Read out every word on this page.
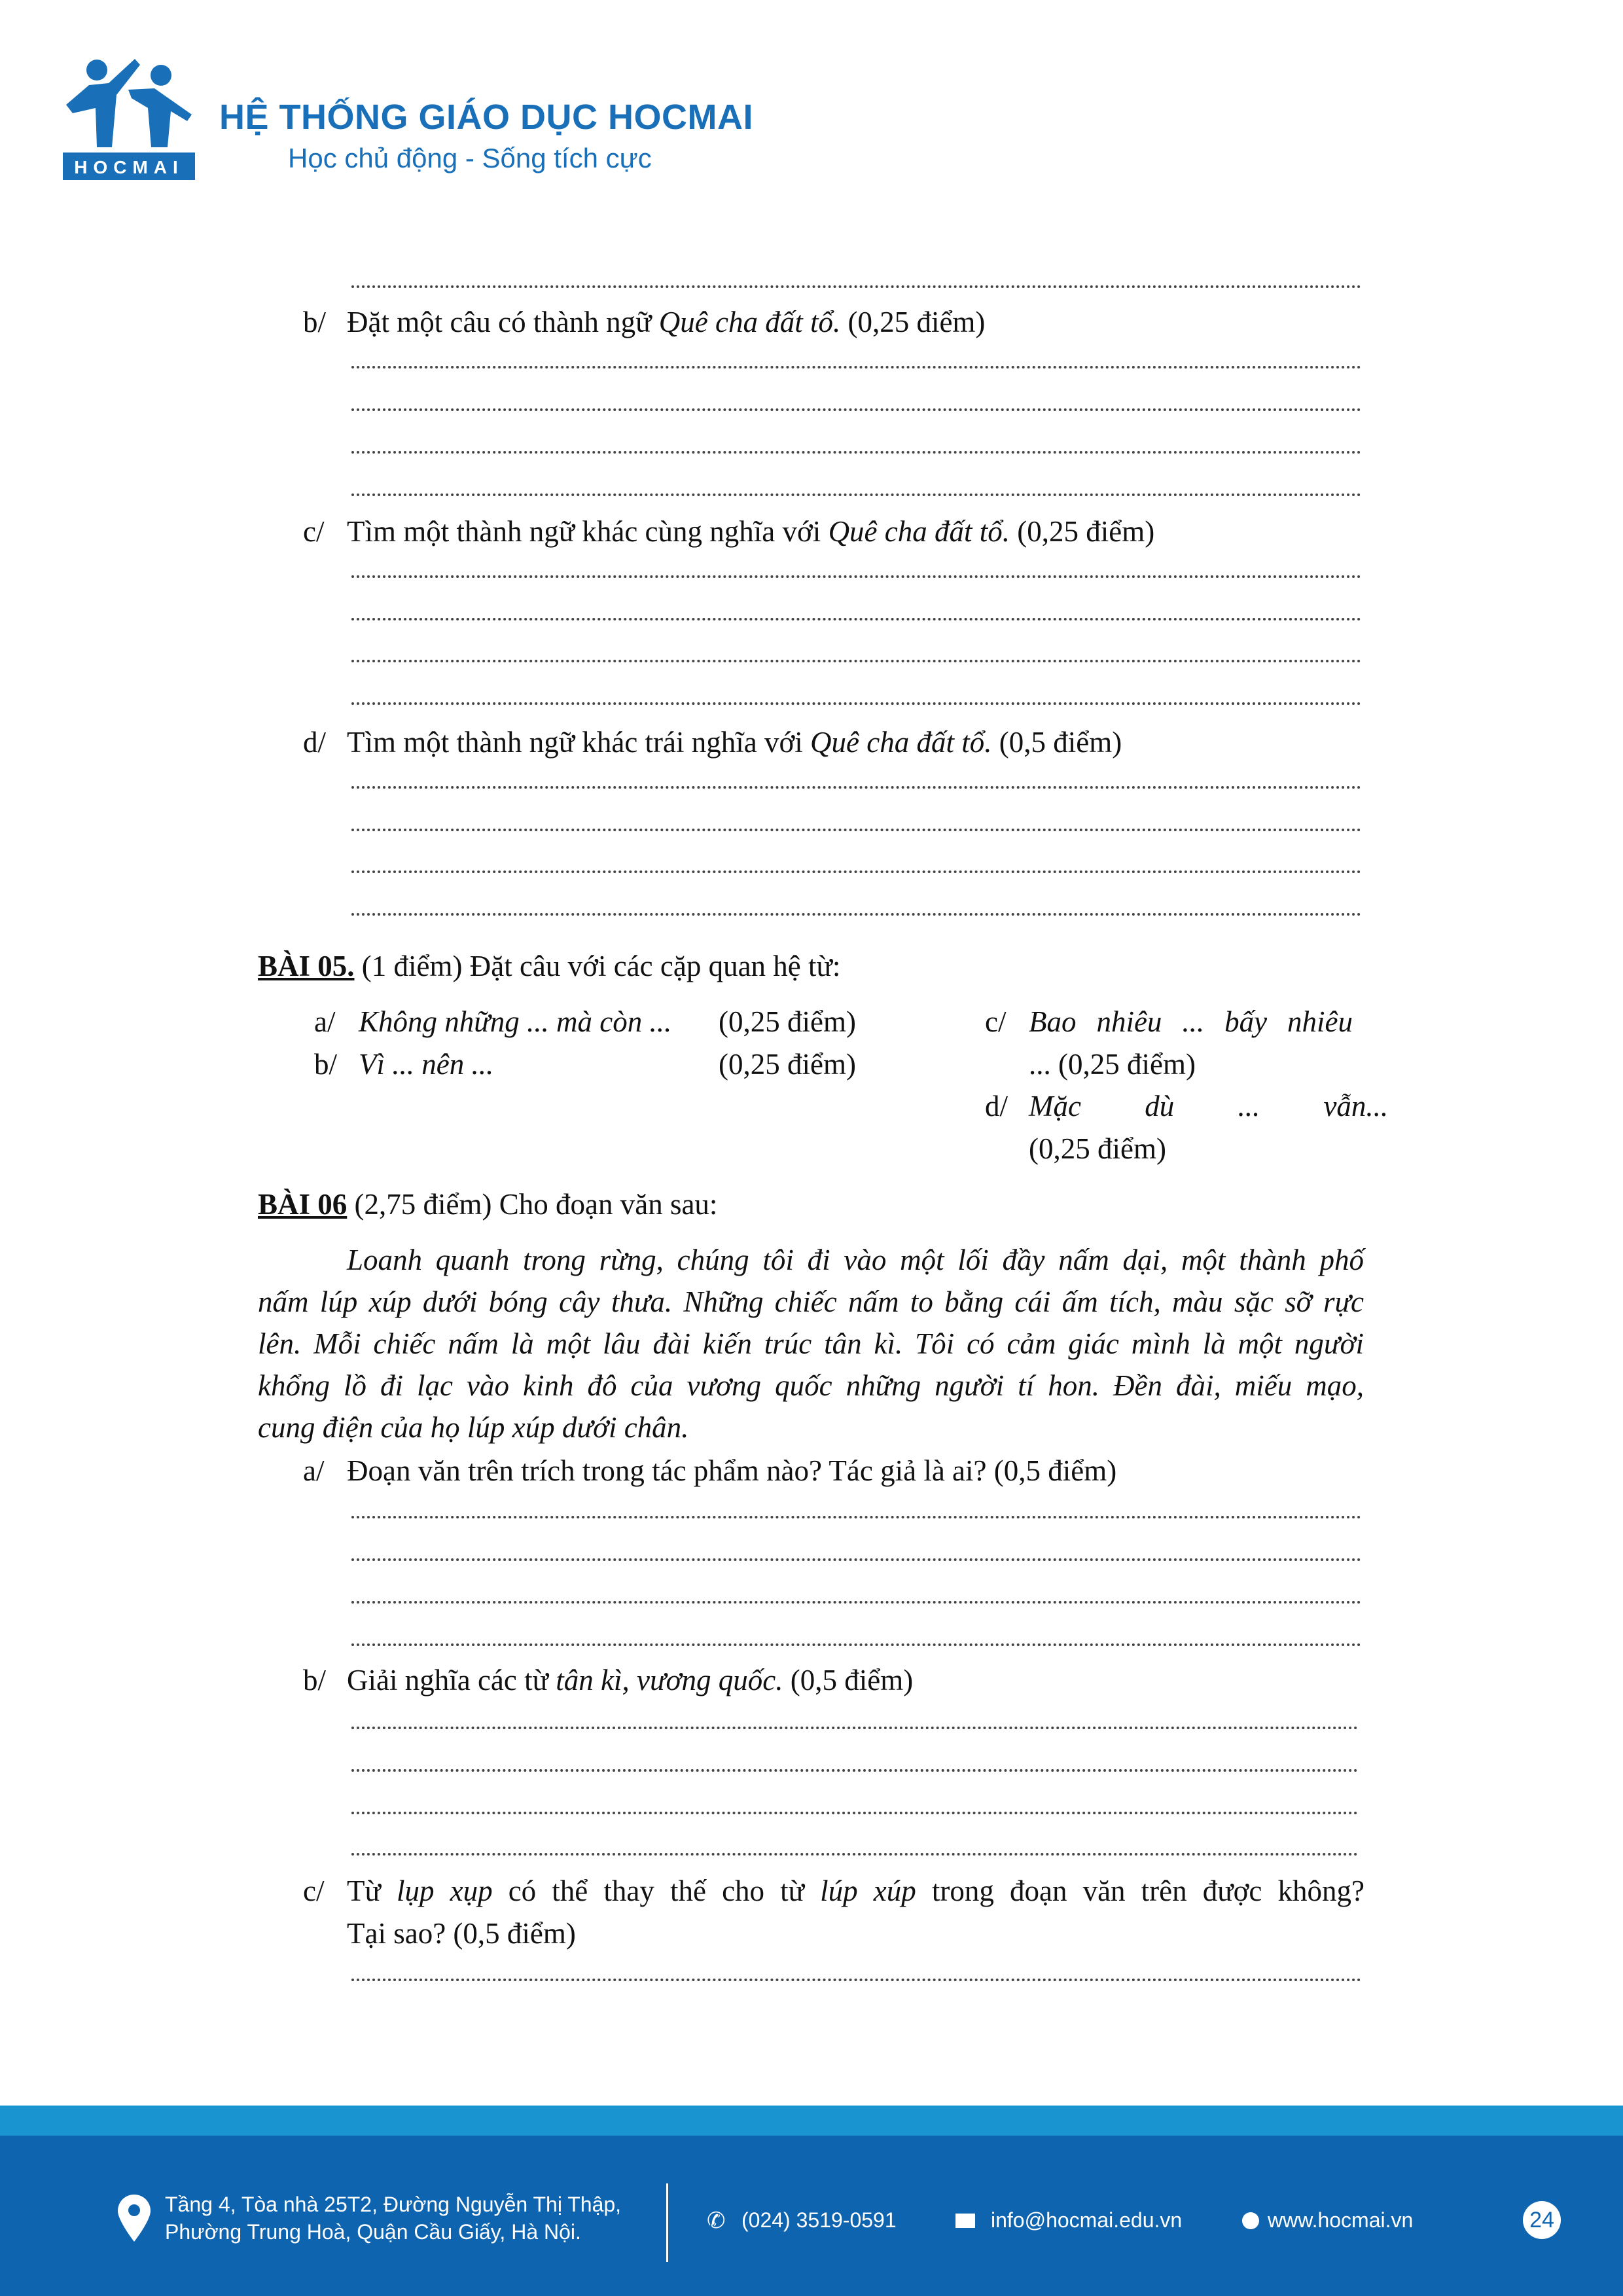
HOCMAI
HỆ THỐNG GIÁO DỤC HOCMAI
Học chủ động - Sống tích cực
b/ Đặt một câu có thành ngữ Quê cha đất tổ. (0,25 điểm)
c/ Tìm một thành ngữ khác cùng nghĩa với Quê cha đất tổ. (0,25 điểm)
d/ Tìm một thành ngữ khác trái nghĩa với Quê cha đất tổ. (0,5 điểm)
BÀI 05. (1 điểm) Đặt câu với các cặp quan hệ từ:
a/ Không những ... mà còn ... (0,25 điểm)
b/ Vì ... nên ...	(0,25 điểm)
c/ Bao nhiêu ... bấy nhiêu
... (0,25 điểm)
d/ Mặc dù ... vẫn...
(0,25 điểm)
BÀI 06 (2,75 điểm) Cho đoạn văn sau:
Loanh quanh trong rừng, chúng tôi đi vào một lối đầy nấm dại, một thành phố
nấm lúp xúp dưới bóng cây thưa. Những chiếc nấm to bằng cái ấm tích, màu sặc sỡ rực
lên. Mỗi chiếc nấm là một lâu đài kiến trúc tân kì. Tôi có cảm giác mình là một người
khổng lồ đi lạc vào kinh đô của vương quốc những người tí hon. Đền đài, miếu mạo,
cung điện của họ lúp xúp dưới chân.
a/ Đoạn văn trên trích trong tác phẩm nào? Tác giả là ai? (0,5 điểm)
b/ Giải nghĩa các từ tân kì, vương quốc. (0,5 điểm)
c/ Từ lụp xụp có thể thay thế cho từ lúp xúp trong đoạn văn trên được không?
Tại sao? (0,5 điểm)
Tầng 4, Tòa nhà 25T2, Đường Nguyễn Thị Thập,
Phường Trung Hoà, Quận Cầu Giấy, Hà Nội.	✆ (024) 3519-0591	info@hocmai.edu.vn	www.hocmai.vn	24
